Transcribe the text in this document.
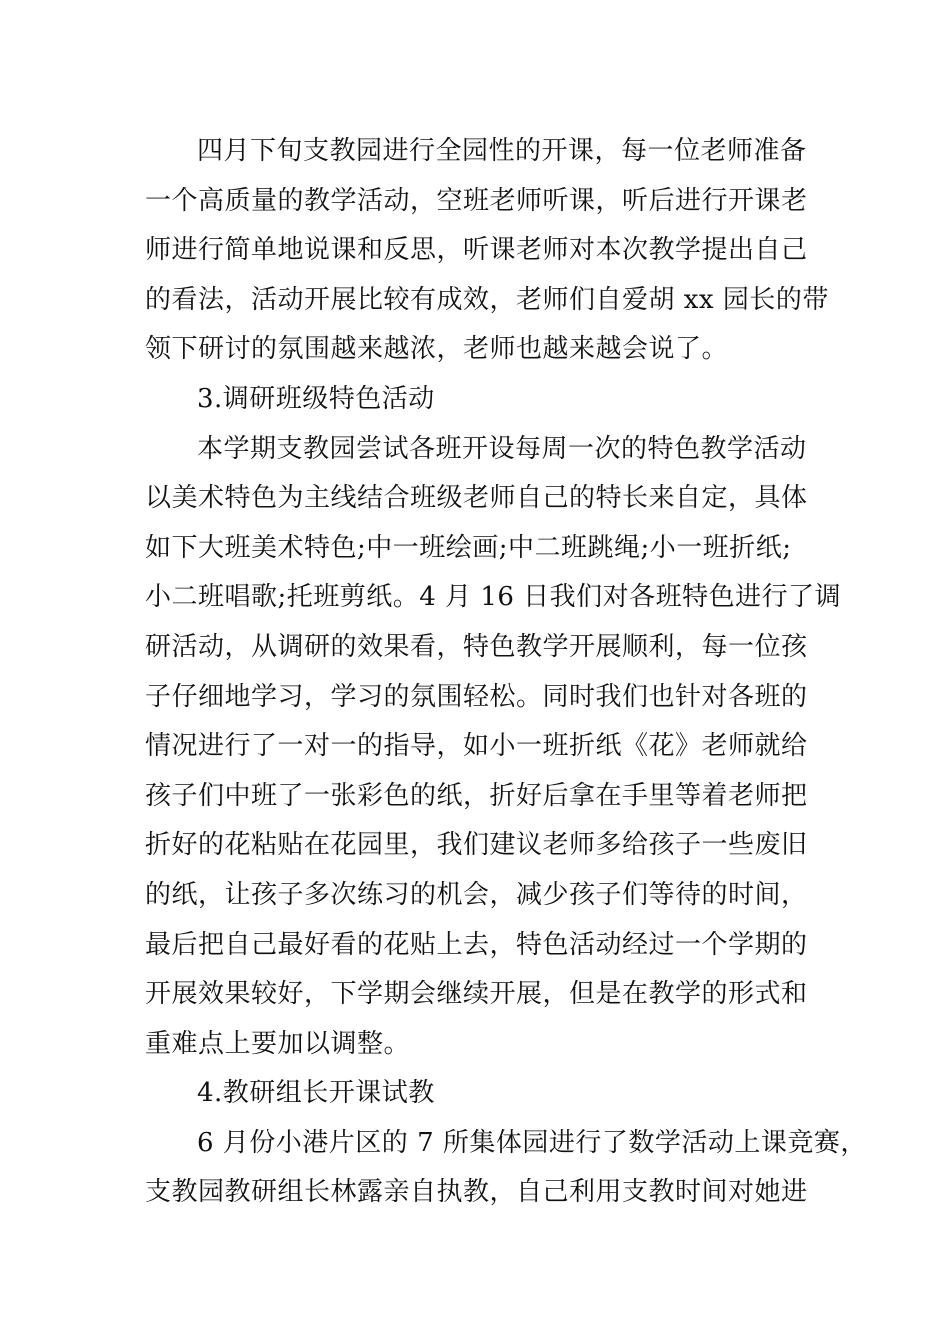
四月下旬支教园进行全园性的开课，每一位老师准备
一个高质量的教学活动，空班老师听课，听后进行开课老
师进行简单地说课和反思，听课老师对本次教学提出自己
的看法，活动开展比较有成效，老师们自爱胡 xx 园长的带
领下研讨的氛围越来越浓，老师也越来越会说了。
3.调研班级特色活动
本学期支教园尝试各班开设每周一次的特色教学活动
以美术特色为主线结合班级老师自己的特长来自定，具体
如下大班美术特色;中一班绘画;中二班跳绳;小一班折纸;
小二班唱歌;托班剪纸。4 月 16 日我们对各班特色进行了调
研活动，从调研的效果看，特色教学开展顺利，每一位孩
子仔细地学习，学习的氛围轻松。同时我们也针对各班的
情况进行了一对一的指导，如小一班折纸《花》老师就给
孩子们中班了一张彩色的纸，折好后拿在手里等着老师把
折好的花粘贴在花园里，我们建议老师多给孩子一些废旧
的纸，让孩子多次练习的机会，减少孩子们等待的时间，
最后把自己最好看的花贴上去，特色活动经过一个学期的
开展效果较好，下学期会继续开展，但是在教学的形式和
重难点上要加以调整。
4.教研组长开课试教
6 月份小港片区的 7 所集体园进行了数学活动上课竞赛，
支教园教研组长林露亲自执教，自己利用支教时间对她进
